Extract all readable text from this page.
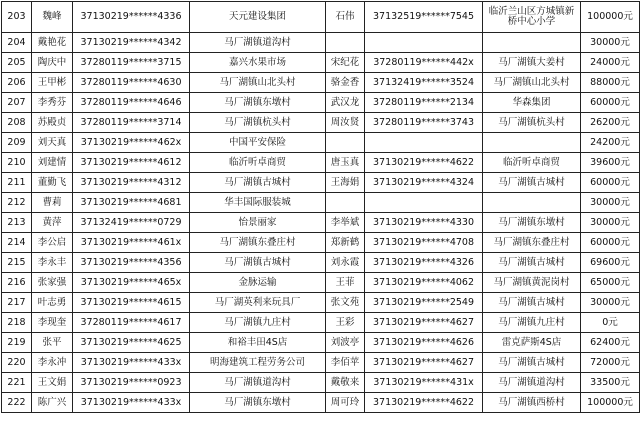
203	魏峰	37130219******4336	天元建设集团	石伟	37132519******7545	临沂兰山区方城镇新桥中心小学	100000元
204	戴艳花	37130219******4342	马厂湖镇道沟村				30000元
205	陶庆中	37280119******3715	嘉兴水果市场	宋纪花	37280119******442x	马厂湖镇大姜村	24000元
206	王甲彬	37280119******4630	马厂湖镇山北头村	骆金香	37132419******3524	马厂湖镇山北头村	88000元
207	李秀芬	37280119******4646	马厂湖镇东墩村	武汉龙	37280119******2134	华森集团	60000元
208	苏殿贞	37280119******3714	马厂湖镇杭头村	周汝贤	37280119******3743	马厂湖镇杭头村	26200元
209	刘天真	37130219******462x	中国平安保险				24200元
210	刘建情	37130219******4612	临沂听卓商贸	唐玉真	37130219******4622	临沂听卓商贸	39600元
211	董勤飞	37130219******4312	马厂湖镇古城村	王海娟	37130219******4324	马厂湖镇古城村	60000元
212	曹莉	37130219******4681	华丰国际服装城				30000元
213	黄萍	37132419******0729	怡景丽家	李举斌	37130219******4330	马厂湖镇东墩村	30000元
214	李公启	37130219******461x	马厂湖镇东叠庄村	郑新鹤	37130219******4708	马厂湖镇东叠庄村	60000元
215	李永丰	37130219******4356	马厂湖镇古城村	刘永霞	37130219******4326	马厂湖镇古城村	69600元
216	张家强	37130219******465x	金脉运输	王菲	37130219******4062	马厂湖镇黄泥岗村	65000元
217	叶志勇	37130219******4615	马厂湖英利来玩具厂	张文苑	37130219******2549	马厂湖镇古城村	30000元
218	李现奎	37280119******4617	马厂湖镇九庄村	王彩	37130219******4627	马厂湖镇九庄村	0元
219	张平	37130219******4625	和裕丰田4S店	刘波亭	37130219******4626	雷克萨斯4S店	62400元
220	李永冲	37130219******433x	明海建筑工程劳务公司	李佰苹	37130219******4627	马厂湖镇古城村	72000元
221	王文娟	37130219******0923	马厂湖镇道沟村	戴敬来	37130219******431x	马厂湖镇道沟村	33500元
222	陈广兴	37130219******433x	马厂湖镇东墩村	周可玲	37130219******4622	马厂湖镇西桥村	100000元
